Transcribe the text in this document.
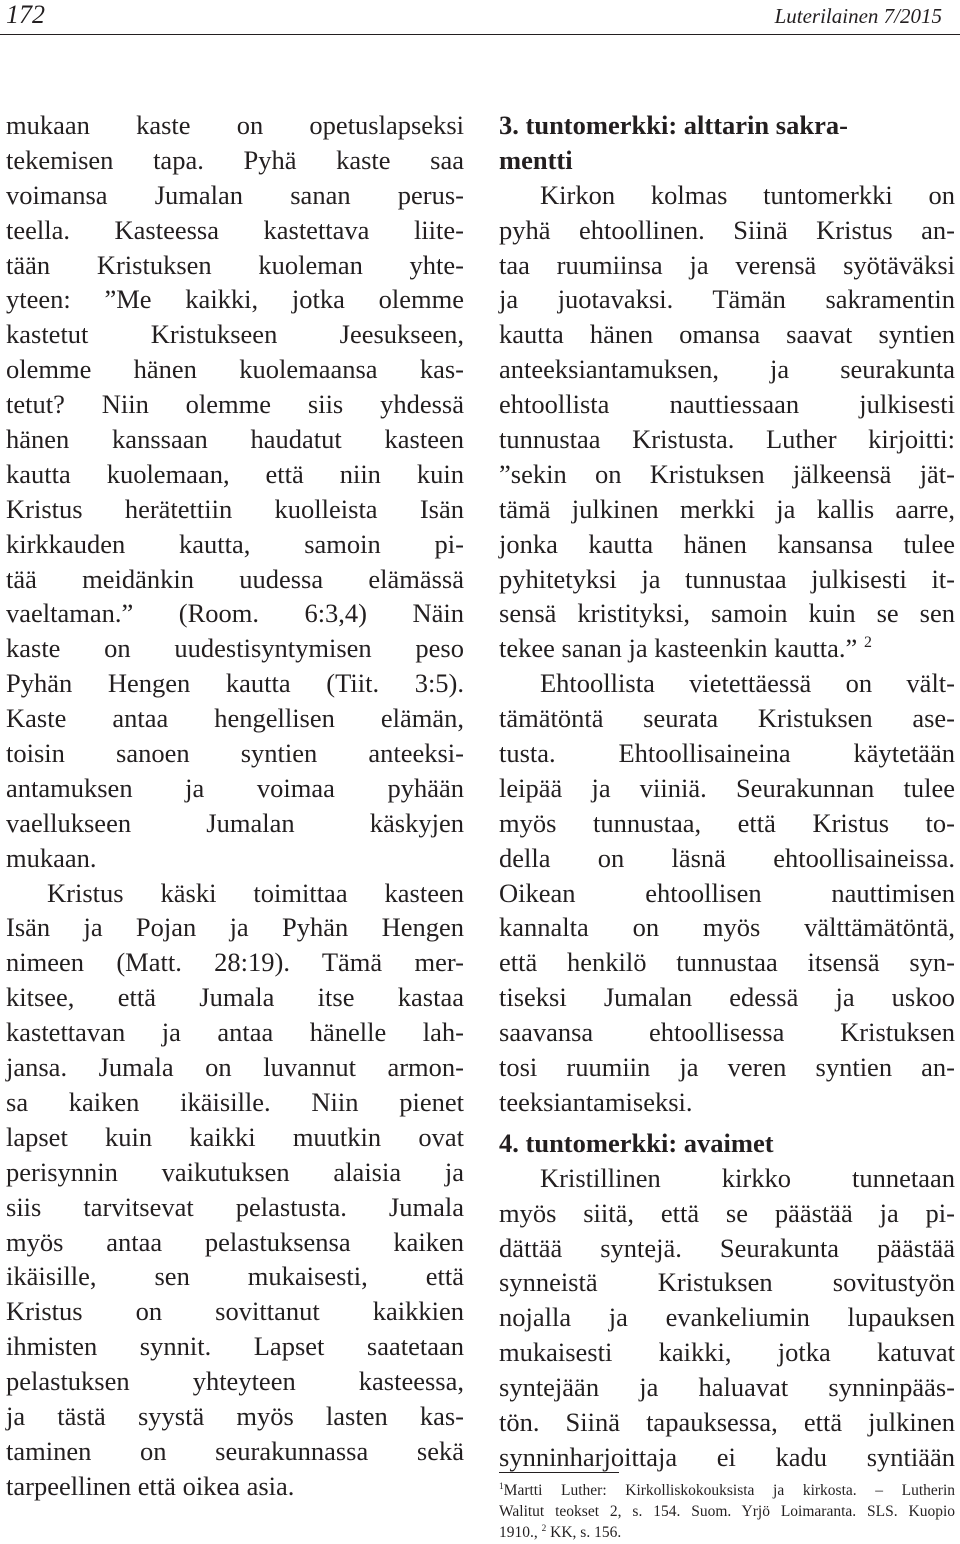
172	Luterilainen 7/2015
mukaan kaste on opetuslapseksi
tekemisen tapa. Pyhä kaste saa
voimansa Jumalan sanan perus-
teella. Kasteessa kastettava liite-
tään Kristuksen kuoleman yhte-
yteen: ”Me kaikki, jotka olemme
kastetut Kristukseen Jeesukseen,
olemme hänen kuolemaansa kas-
tetut? Niin olemme siis yhdessä
hänen kanssaan haudatut kasteen
kautta kuolemaan, että niin kuin
Kristus herätettiin kuolleista Isän
kirkkauden kautta, samoin pi-
tää meidänkin uudessa elämässä
vaeltaman.” (Room. 6:3,4) Näin
kaste on uudestisyntymisen peso
Pyhän Hengen kautta (Tiit. 3:5).
Kaste antaa hengellisen elämän,
toisin sanoen syntien anteeksi-
antamuksen ja voimaa pyhään
vaellukseen Jumalan käskyjen
mukaan.
Kristus käski toimittaa kasteen
Isän ja Pojan ja Pyhän Hengen
nimeen (Matt. 28:19). Tämä mer-
kitsee, että Jumala itse kastaa
kastettavan ja antaa hänelle lah-
jansa. Jumala on luvannut armon-
sa kaiken ikäisille. Niin pienet
lapset kuin kaikki muutkin ovat
perisynnin vaikutuksen alaisia ja
siis tarvitsevat pelastusta. Jumala
myös antaa pelastuksensa kaiken
ikäisille, sen mukaisesti, että
Kristus on sovittanut kaikkien
ihmisten synnit. Lapset saatetaan
pelastuksen yhteyteen kasteessa,
ja tästä syystä myös lasten kas-
taminen on seurakunnassa sekä
tarpeellinen että oikea asia.
3. tuntomerkki: alttarin sakra-
mentti
Kirkon kolmas tuntomerkki on
pyhä ehtoollinen. Siinä Kristus an-
taa ruumiinsa ja verensä syötäväksi
ja juotavaksi. Tämän sakramentin
kautta hänen omansa saavat syntien
anteeksiantamuksen, ja seurakunta
ehtoollista nauttiessaan julkisesti
tunnustaa Kristusta. Luther kirjoitti:
”sekin on Kristuksen jälkeensä jät-
tämä julkinen merkki ja kallis aarre,
jonka kautta hänen kansansa tulee
pyhitetyksi ja tunnustaa julkisesti it-
sensä kristityksi, samoin kuin se sen
tekee sanan ja kasteenkin kautta.” $^2$
Ehtoollista vietettäessä on vält-
tämätöntä seurata Kristuksen ase-
tusta. Ehtoollisaineina käytetään
leipää ja viiniä. Seurakunnan tulee
myös tunnustaa, että Kristus to-
della on läsnä ehtoollisaineissa.
Oikean ehtoollisen nauttimisen
kannalta on myös välttämätöntä,
että henkilö tunnustaa itsensä syn-
tiseksi Jumalan edessä ja uskoo
saavansa ehtoollisessa Kristuksen
tosi ruumiin ja veren syntien an-
teeksiantamiseksi.
4. tuntomerkki: avaimet
Kristillinen kirkko tunnetaan
myös siitä, että se päästää ja pi-
dättää syntejä. Seurakunta päästää
synneistä Kristuksen sovitustyön
nojalla ja evankeliumin lupauksen
mukaisesti kaikki, jotka katuvat
syntejään ja haluavat synninpääs-
tön. Siinä tapauksessa, että julkinen
synninharjoittaja ei kadu syntiään
$^1$Martti Luther: Kirkolliskokouksista ja kirkosta. – Lutherin
Walitut teokset 2, s. 154. Suom. Yrjö Loimaranta. SLS. Kuopio
1910., $^2$ KK, s. 156.
